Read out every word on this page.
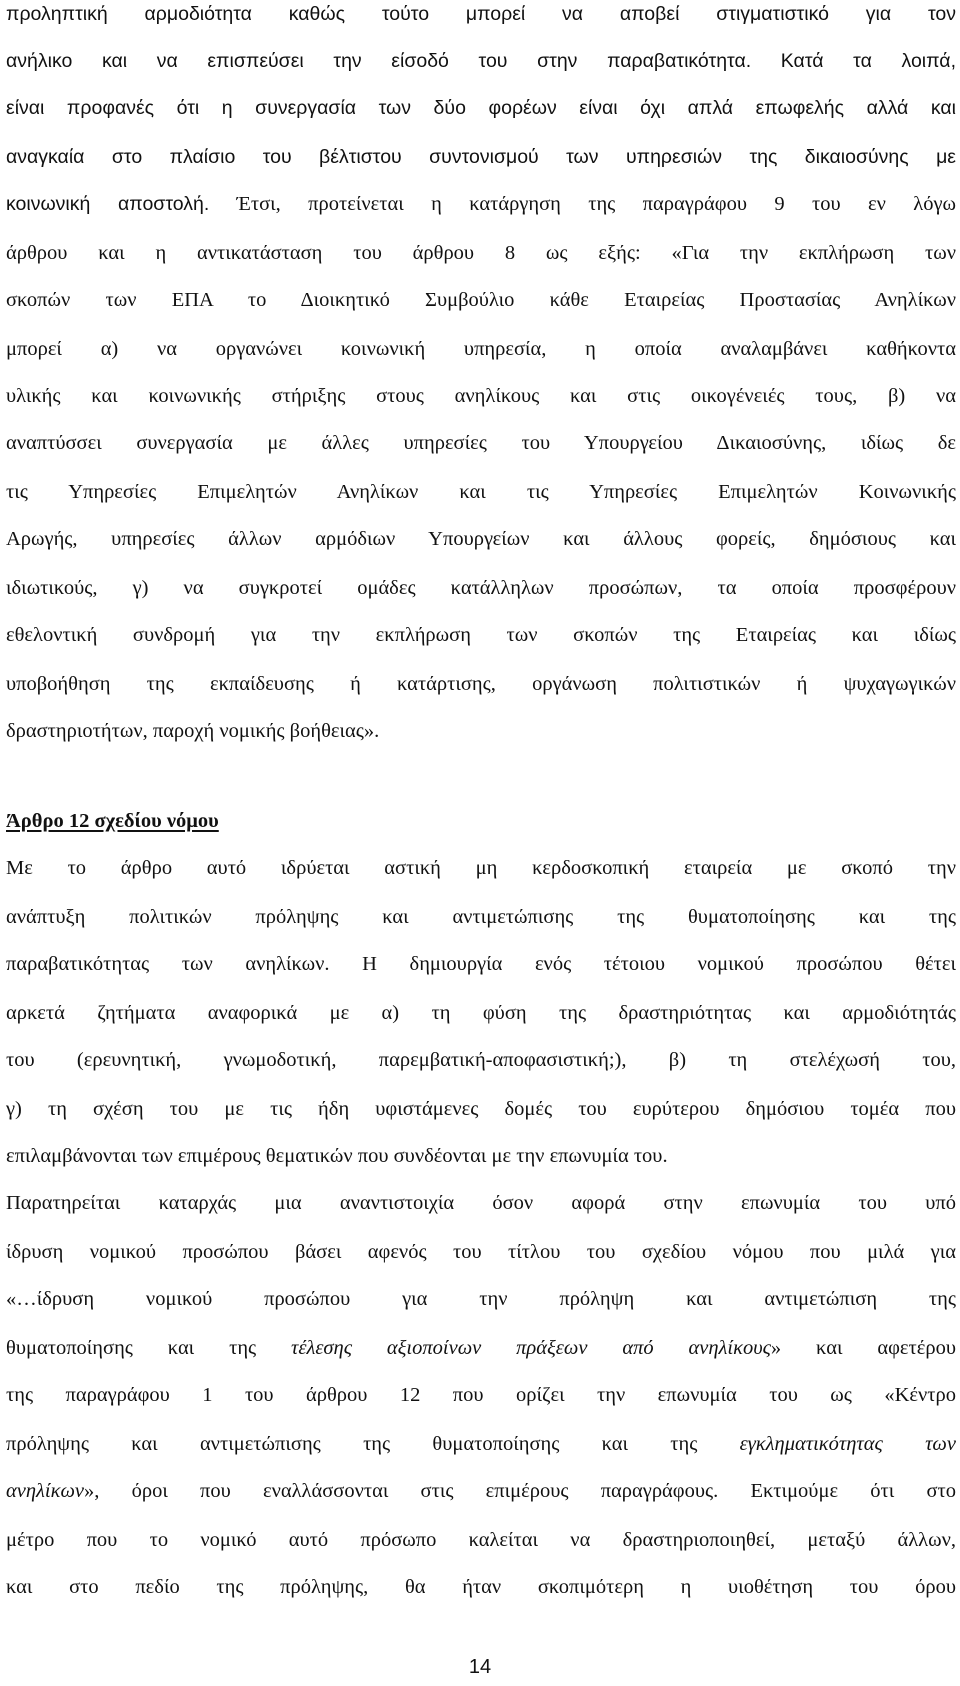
προληπτική αρμοδιότητα καθώς τούτο μπορεί να αποβεί στιγματιστικό για τον
ανήλικο και να επισπεύσει την είσοδό του στην παραβατικότητα. Κατά τα λοιπά,
είναι προφανές ότι η συνεργασία των δύο φορέων είναι όχι απλά επωφελής αλλά και
αναγκαία στο πλαίσιο του βέλτιστου συντονισμού των υπηρεσιών της δικαιοσύνης με
κοινωνική αποστολή. Έτσι, προτείνεται η κατάργηση της παραγράφου 9 του εν λόγω
άρθρου και η αντικατάσταση του άρθρου 8 ως εξής: «Για την εκπλήρωση των
σκοπών των ΕΠΑ το Διοικητικό Συμβούλιο κάθε Εταιρείας Προστασίας Ανηλίκων
μπορεί α) να οργανώνει κοινωνική υπηρεσία, η οποία αναλαμβάνει καθήκοντα
υλικής και κοινωνικής στήριξης στους ανηλίκους και στις οικογένειές τους, β) να
αναπτύσσει συνεργασία με άλλες υπηρεσίες του Υπουργείου Δικαιοσύνης, ιδίως δε
τις Υπηρεσίες Επιμελητών Ανηλίκων και τις Υπηρεσίες Επιμελητών Κοινωνικής
Αρωγής, υπηρεσίες άλλων αρμόδιων Υπουργείων και άλλους φορείς, δημόσιους και
ιδιωτικούς, γ) να συγκροτεί ομάδες κατάλληλων προσώπων, τα οποία προσφέρουν
εθελοντική συνδρομή για την εκπλήρωση των σκοπών της Εταιρείας και ιδίως
υποβοήθηση της εκπαίδευσης ή κατάρτισης, οργάνωση πολιτιστικών ή ψυχαγωγικών
δραστηριοτήτων, παροχή νομικής βοήθειας».
Άρθρο 12 σχεδίου νόμου
Με το άρθρο αυτό ιδρύεται αστική μη κερδοσκοπική εταιρεία με σκοπό την
ανάπτυξη πολιτικών πρόληψης και αντιμετώπισης της θυματοποίησης και της
παραβατικότητας των ανηλίκων. Η δημιουργία ενός τέτοιου νομικού προσώπου θέτει
αρκετά ζητήματα αναφορικά με α) τη φύση της δραστηριότητας και αρμοδιότητάς
του (ερευνητική, γνωμοδοτική, παρεμβατική-αποφασιστική;), β) τη στελέχωσή του,
γ) τη σχέση του με τις ήδη υφιστάμενες δομές του ευρύτερου δημόσιου τομέα που
επιλαμβάνονται των επιμέρους θεματικών που συνδέονται με την επωνυμία του.
Παρατηρείται καταρχάς μια αναντιστοιχία όσον αφορά στην επωνυμία του υπό
ίδρυση νομικού προσώπου βάσει αφενός του τίτλου του σχεδίου νόμου που μιλά για
«…ίδρυση νομικού προσώπου για την πρόληψη και αντιμετώπιση της
θυματοποίησης και της τέλεσης αξιοποίνων πράξεων από ανηλίκους» και αφετέρου
της παραγράφου 1 του άρθρου 12 που ορίζει την επωνυμία του ως «Κέντρο
πρόληψης και αντιμετώπισης της θυματοποίησης και της εγκληματικότητας των
ανηλίκων», όροι που εναλλάσσονται στις επιμέρους παραγράφους. Εκτιμούμε ότι στο
μέτρο που το νομικό αυτό πρόσωπο καλείται να δραστηριοποιηθεί, μεταξύ άλλων,
και στο πεδίο της πρόληψης, θα ήταν σκοπιμότερη η υιοθέτηση του όρου
14
